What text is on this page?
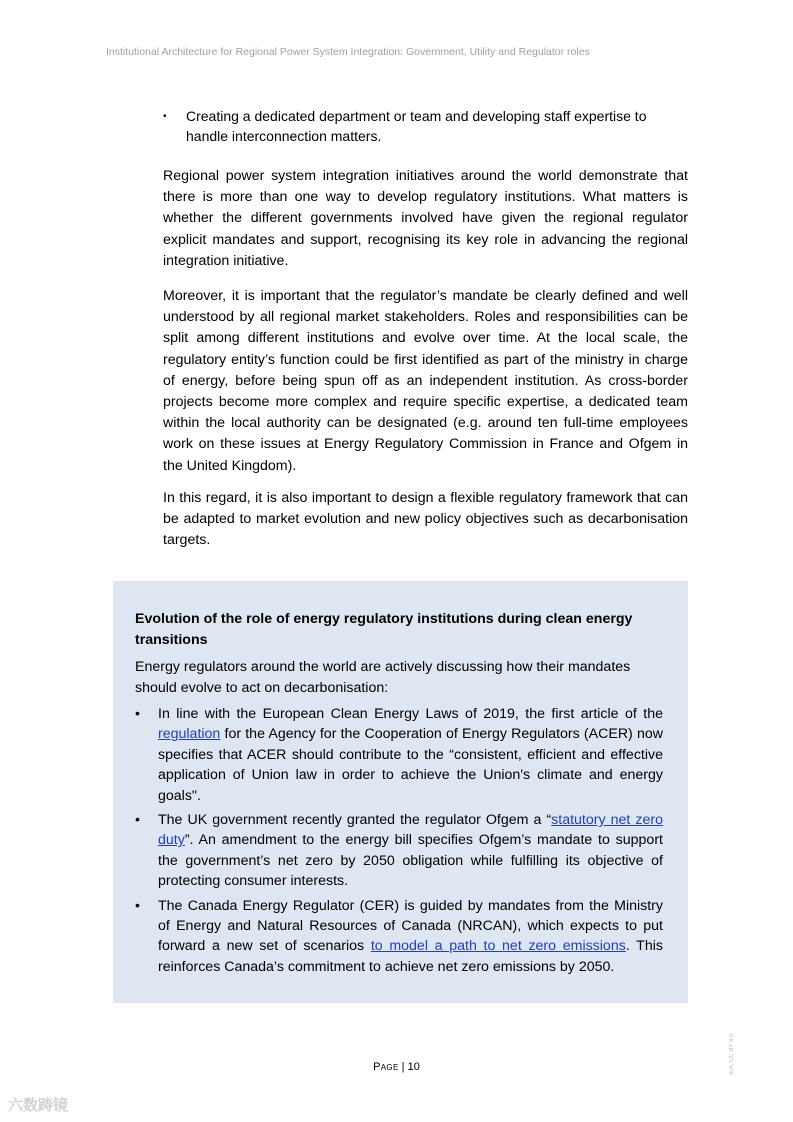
Institutional Architecture for Regional Power System Integration: Government, Utility and Regulator roles
• Creating a dedicated department or team and developing staff expertise to handle interconnection matters.

Regional power system integration initiatives around the world demonstrate that there is more than one way to develop regulatory institutions. What matters is whether the different governments involved have given the regional regulator explicit mandates and support, recognising its key role in advancing the regional integration initiative.

Moreover, it is important that the regulator’s mandate be clearly defined and well understood by all regional market stakeholders. Roles and responsibilities can be split among different institutions and evolve over time. At the local scale, the regulatory entity’s function could be first identified as part of the ministry in charge of energy, before being spun off as an independent institution. As cross-border projects become more complex and require specific expertise, a dedicated team within the local authority can be designated (e.g. around ten full-time employees work on these issues at Energy Regulatory Commission in France and Ofgem in the United Kingdom).

In this regard, it is also important to design a flexible regulatory framework that can be adapted to market evolution and new policy objectives such as decarbonisation targets.

Evolution of the role of energy regulatory institutions during clean energy transitions

Energy regulators around the world are actively discussing how their mandates should evolve to act on decarbonisation:

• In line with the European Clean Energy Laws of 2019, the first article of the regulation for the Agency for the Cooperation of Energy Regulators (ACER) now specifies that ACER should contribute to the “consistent, efficient and effective application of Union law in order to achieve the Union's climate and energy goals".
• The UK government recently granted the regulator Ofgem a “statutory net zero duty”. An amendment to the energy bill specifies Ofgem’s mandate to support the government’s net zero by 2050 obligation while fulfilling its objective of protecting consumer interests.
• The Canada Energy Regulator (CER) is guided by mandates from the Ministry of Energy and Natural Resources of Canada (NRCAN), which expects to put forward a new set of scenarios to model a path to net zero emissions. This reinforces Canada’s commitment to achieve net zero emissions by 2050.
Page | 10	IEA. CC BY 4.0.
六数踌镜
